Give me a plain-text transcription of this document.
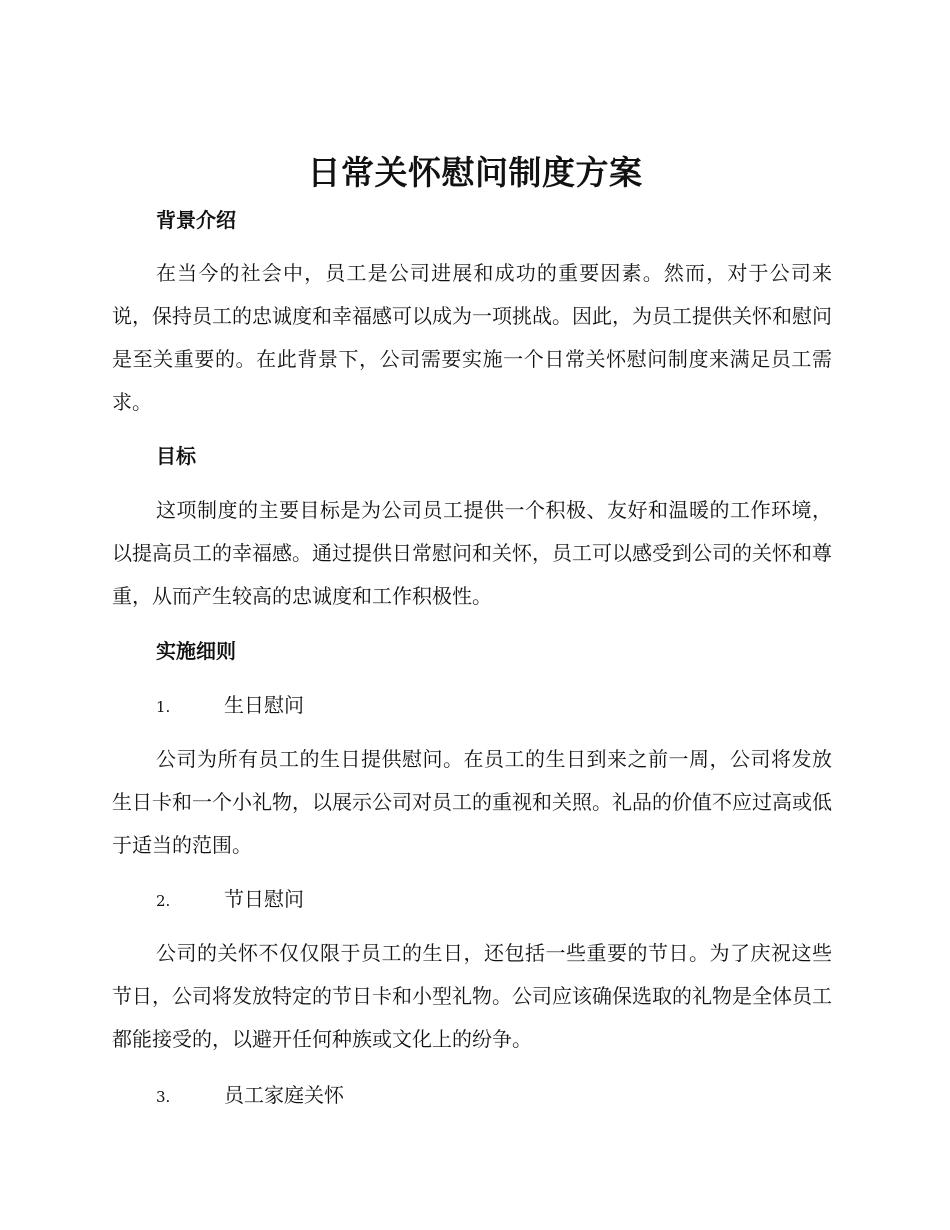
日常关怀慰问制度方案
背景介绍

在当今的社会中，员工是公司进展和成功的重要因素。然而，对于公司来说，保持员工的忠诚度和幸福感可以成为一项挑战。因此，为员工提供关怀和慰问是至关重要的。在此背景下，公司需要实施一个日常关怀慰问制度来满足员工需求。

目标

这项制度的主要目标是为公司员工提供一个积极、友好和温暖的工作环境，以提高员工的幸福感。通过提供日常慰问和关怀，员工可以感受到公司的关怀和尊重，从而产生较高的忠诚度和工作积极性。

实施细则
1.	生日慰问

公司为所有员工的生日提供慰问。在员工的生日到来之前一周，公司将发放生日卡和一个小礼物，以展示公司对员工的重视和关照。礼品的价值不应过高或低于适当的范围。

2.	节日慰问

公司的关怀不仅仅限于员工的生日，还包括一些重要的节日。为了庆祝这些节日，公司将发放特定的节日卡和小型礼物。公司应该确保选取的礼物是全体员工都能接受的，以避开任何种族或文化上的纷争。

3.	员工家庭关怀
